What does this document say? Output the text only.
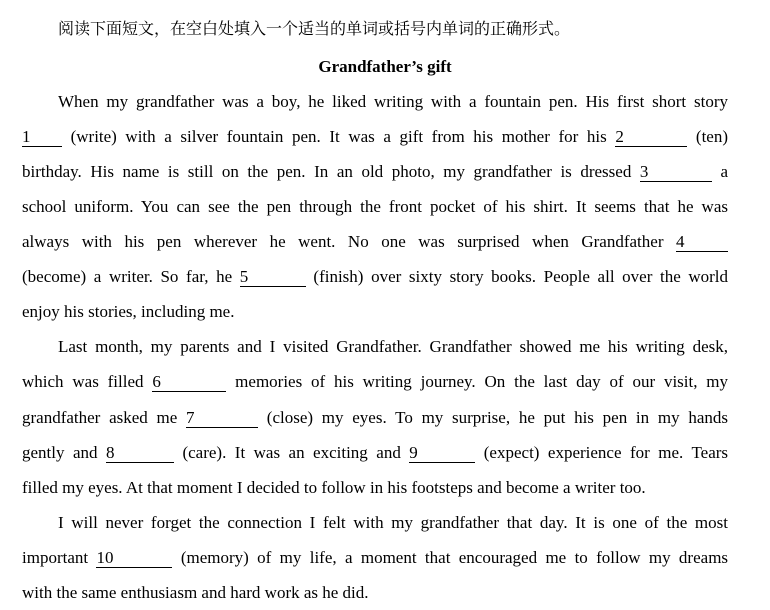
阅读下面短文，在空白处填入一个适当的单词或括号内单词的正确形式。
Grandfather’s gift
When my grandfather was a boy, he liked writing with a fountain pen. His first short story
1 (write) with a silver fountain pen. It was a gift from his mother for his 2	(ten)
birthday. His name is still on the pen. In an old photo, my grandfather is dressed 3	a
school uniform. You can see the pen through the front pocket of his shirt. It seems that he was
always with his pen wherever he went. No one was surprised when Grandfather 4
(become) a writer. So far, he 5	(finish) over sixty story books. People all over the world
enjoy his stories, including me.
Last month, my parents and I visited Grandfather. Grandfather showed me his writing desk,
which was filled 6	memories of his writing journey. On the last day of our visit, my
grandfather asked me 7	(close) my eyes. To my surprise, he put his pen in my hands
gently and 8	(care). It was an exciting and 9	(expect) experience for me. Tears
filled my eyes. At that moment I decided to follow in his footsteps and become a writer too.
I will never forget the connection I felt with my grandfather that day. It is one of the most
important 10	(memory) of my life, a moment that encouraged me to follow my dreams
with the same enthusiasm and hard work as he did.
